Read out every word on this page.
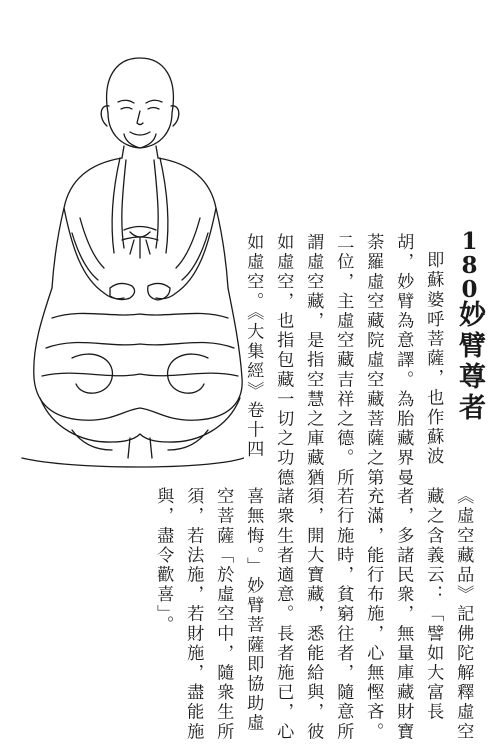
180妙臂尊者
即蘇婆呼菩薩，也作蘇波
胡，妙臂為意譯。為胎藏界曼
荼羅虛空藏院虛空藏菩薩之第
二位，主虛空藏吉祥之德。所
謂虛空藏，是指空慧之庫藏猶
如虛空，也指包藏一切之功德
如虛空。《大集經》卷十四
《虛空藏品》記佛陀解釋虛空
藏之含義云：「譬如大富長
者，多諸民衆，無量庫藏財寶
充滿，能行布施，心無慳吝。
若行施時，貧窮往者，隨意所
須，開大寶藏，悉能給與，彼
諸衆生者適意。長者施已，心
喜無悔。」妙臂菩薩即協助虛
空菩薩「於虛空中，隨衆生所
須，若法施，若財施，盡能施
與，盡令歡喜」。
